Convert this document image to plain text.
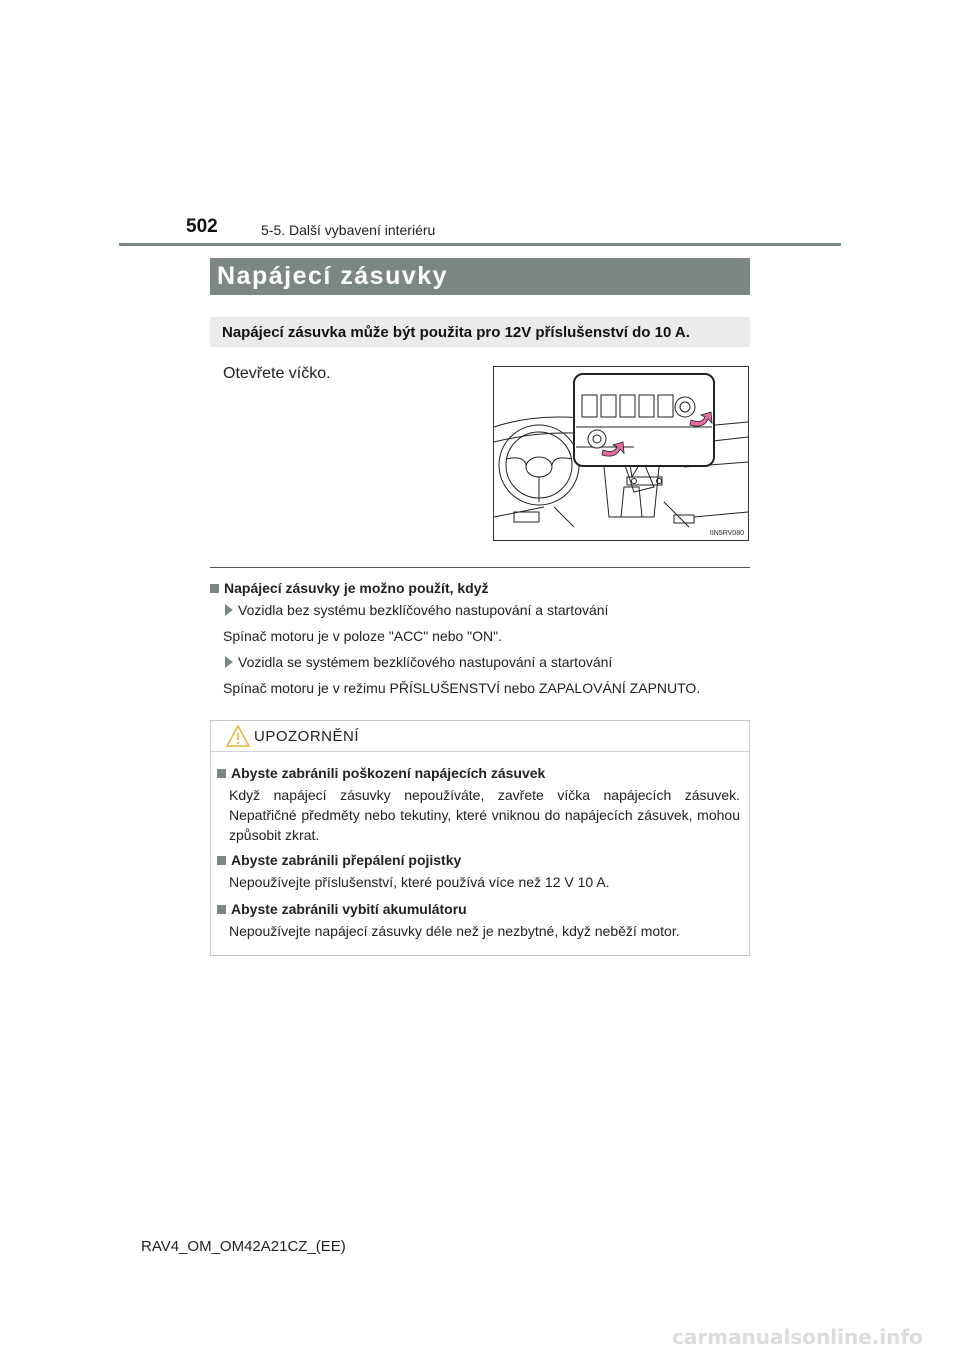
502	5-5. Další vybavení interiéru
Napájecí zásuvky
Napájecí zásuvka může být použita pro 12V příslušenství do 10 A.
Otevřete víčko.
IIN5RV080
Napájecí zásuvky je možno použít, když
Vozidla bez systému bezklíčového nastupování a startování
Spínač motoru je v poloze "ACC" nebo "ON".
Vozidla se systémem bezklíčového nastupování a startování
Spínač motoru je v režimu PŘÍSLUŠENSTVÍ nebo ZAPALOVÁNÍ ZAPNUTO.
UPOZORNĚNÍ
Abyste zabránili poškození napájecích zásuvek
Když napájecí zásuvky nepoužíváte, zavřete víčka napájecích zásuvek. Nepatřičné předměty nebo tekutiny, které vniknou do napájecích zásuvek, mohou způsobit zkrat.
Abyste zabránili přepálení pojistky
Nepoužívejte příslušenství, které používá více než 12 V 10 A.
Abyste zabránili vybití akumulátoru
Nepoužívejte napájecí zásuvky déle než je nezbytné, když neběží motor.
RAV4_OM_OM42A21CZ_(EE)
carmanualsonline.info
